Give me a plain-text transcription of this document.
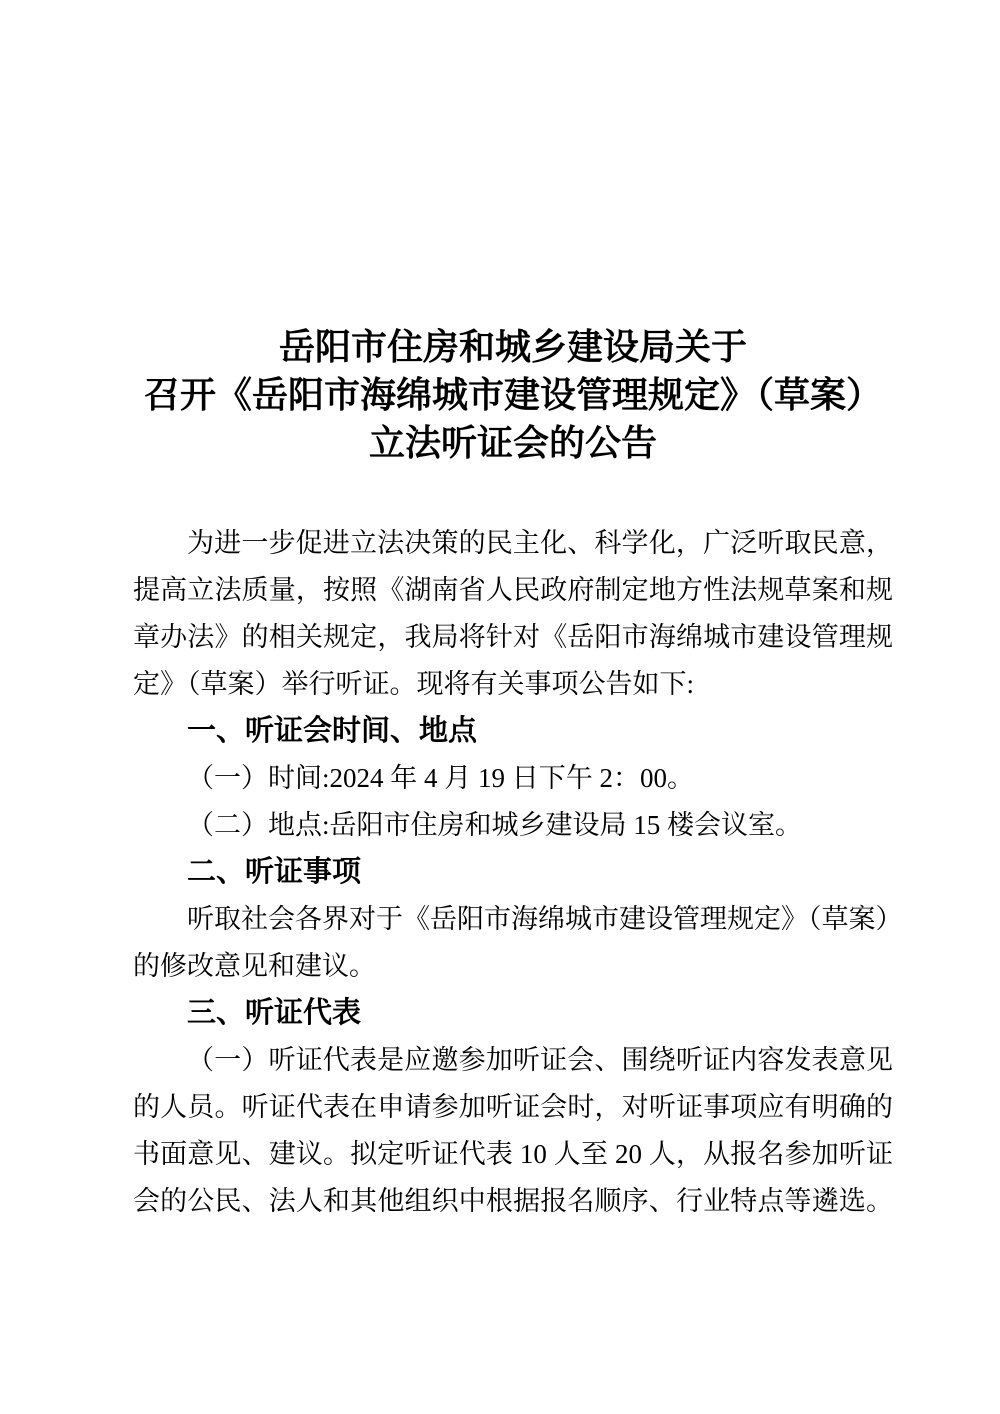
岳阳市住房和城乡建设局关于
召开《岳阳市海绵城市建设管理规定》（草案）
立法听证会的公告
为进一步促进立法决策的民主化、科学化，广泛听取民意，
提高立法质量，按照《湖南省人民政府制定地方性法规草案和规
章办法》的相关规定，我局将针对《岳阳市海绵城市建设管理规
定》（草案）举行听证。现将有关事项公告如下:
一、听证会时间、地点
（一）时间:2024 年 4 月 19 日下午 2：00。
（二）地点:岳阳市住房和城乡建设局 15 楼会议室。
二、听证事项
听取社会各界对于《岳阳市海绵城市建设管理规定》（草案）
的修改意见和建议。
三、听证代表
（一）听证代表是应邀参加听证会、围绕听证内容发表意见
的人员。听证代表在申请参加听证会时，对听证事项应有明确的
书面意见、建议。拟定听证代表 10 人至 20 人，从报名参加听证
会的公民、法人和其他组织中根据报名顺序、行业特点等遴选。
